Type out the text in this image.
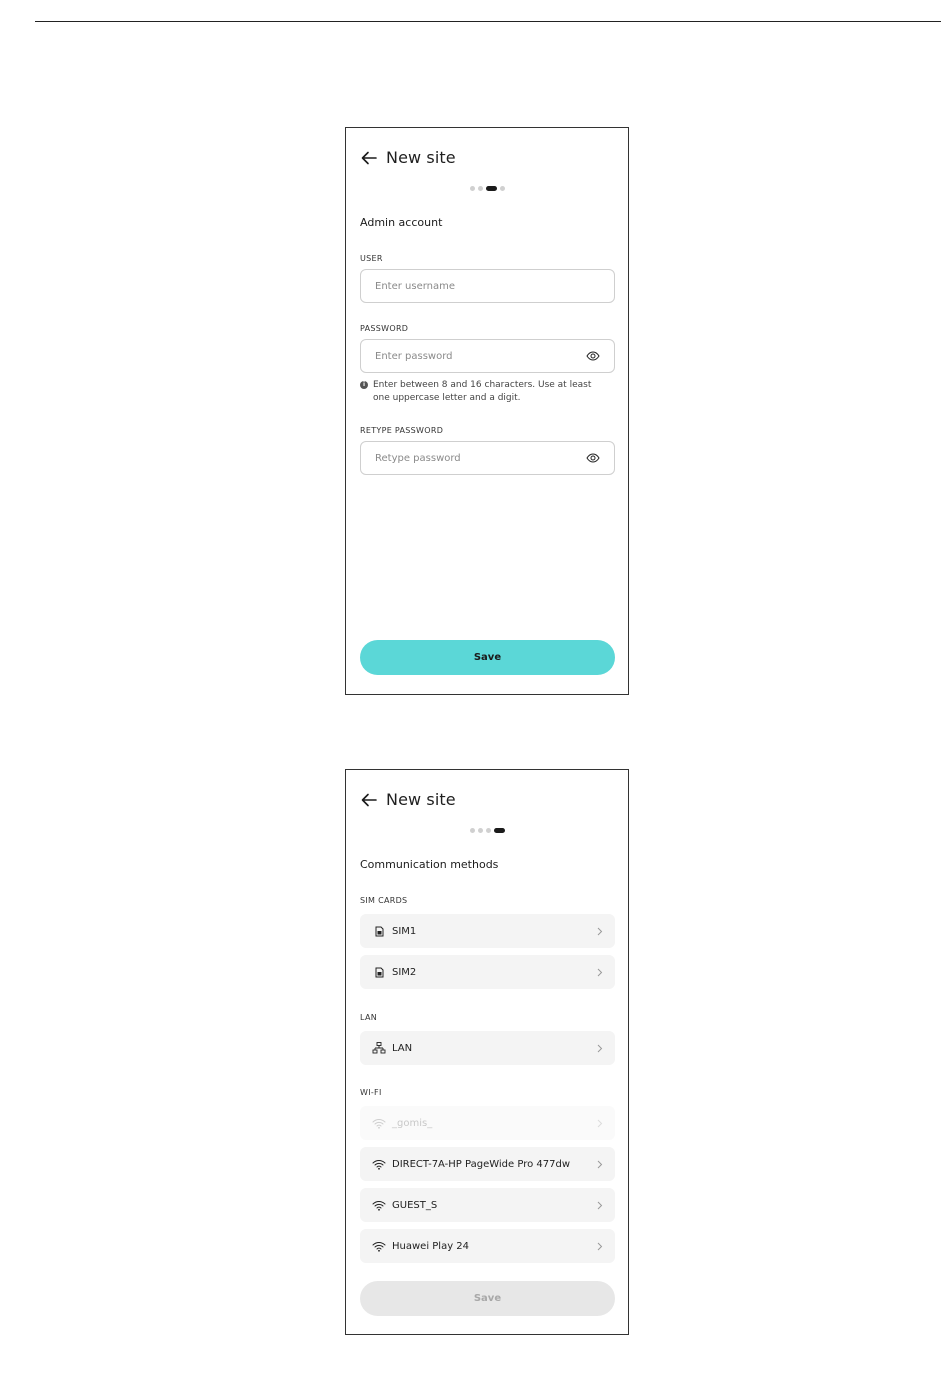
New site
Admin account
USER
Enter username
PASSWORD
Enter password
i Enter between 8 and 16 characters. Use at least one uppercase letter and a digit.
RETYPE PASSWORD
Retype password
Save
New site
Communication methods
SIM CARDS
SIM1
SIM2
LAN
LAN
WI-FI
_gomis_
DIRECT-7A-HP PageWide Pro 477dw
GUEST_S
Huawei Play 24
Save
